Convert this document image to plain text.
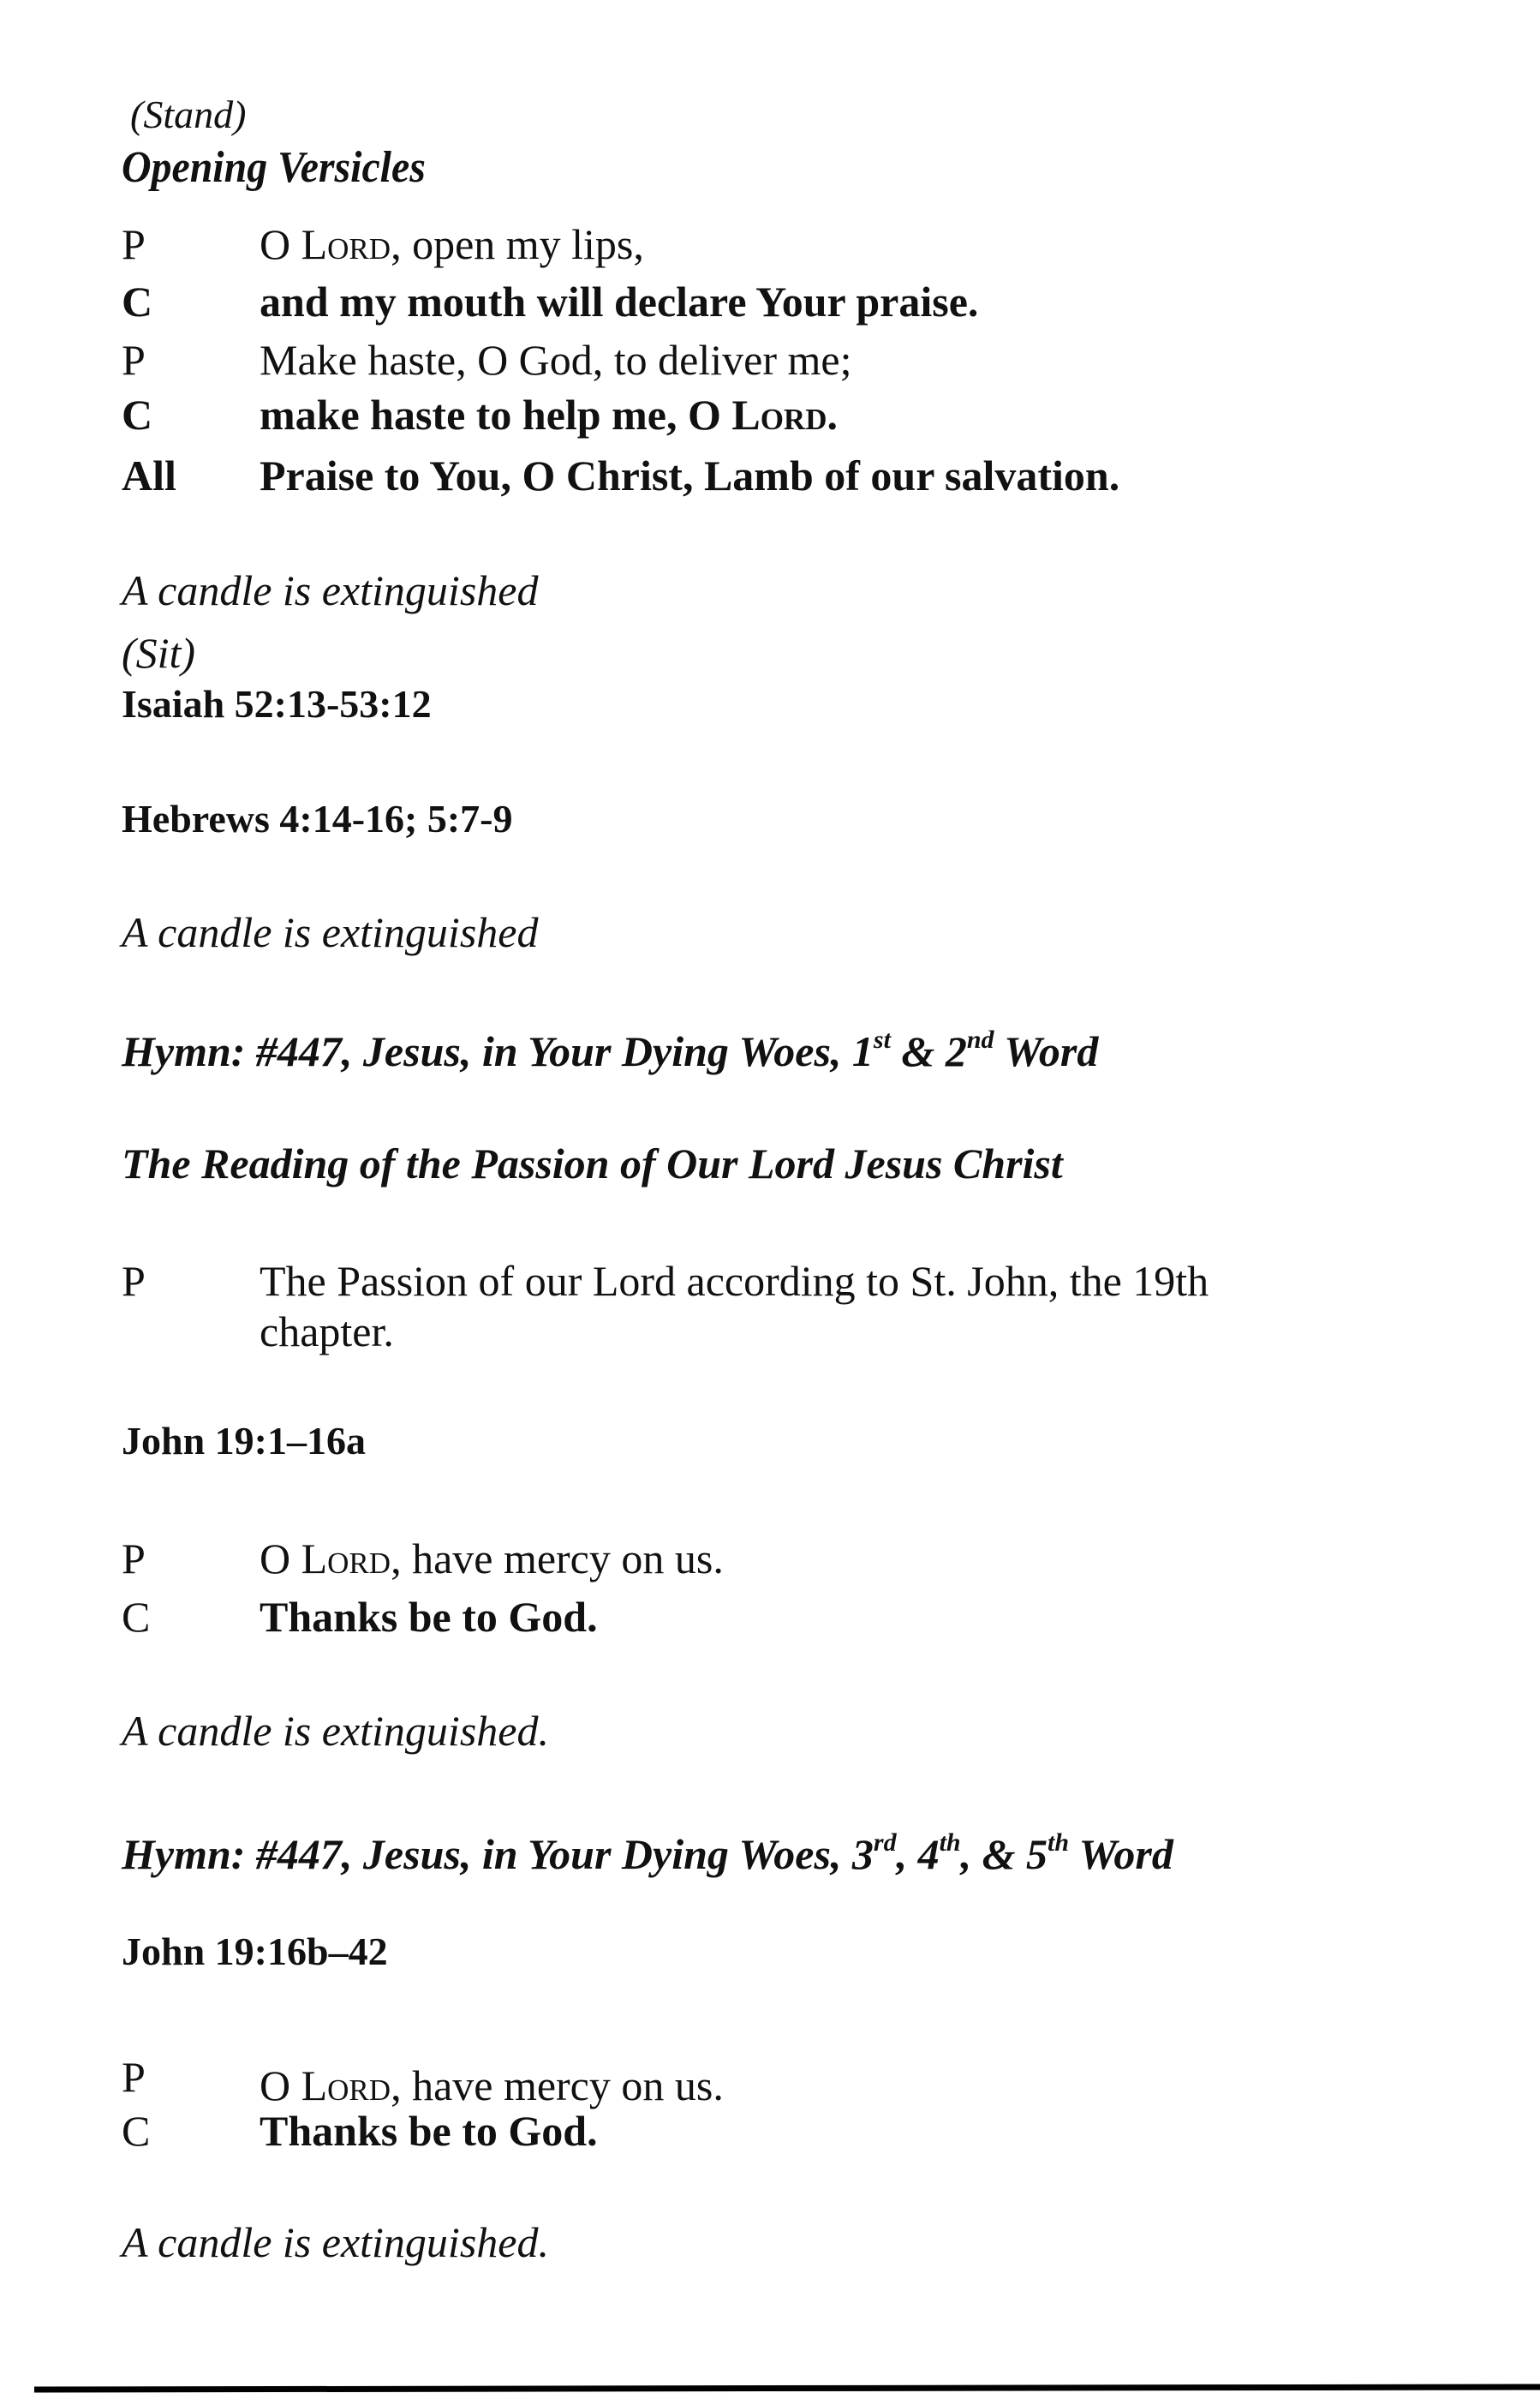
(Stand)
Opening Versicles
P	O Lord, open my lips,
C and my mouth will declare Your praise.
P	Make haste, O God, to deliver me;
C make haste to help me, O Lord.
All Praise to You, O Christ, Lamb of our salvation.
A candle is extinguished
(Sit)
Isaiah 52:13-53:12
Hebrews 4:14-16; 5:7-9
A candle is extinguished
Hymn: #447, Jesus, in Your Dying Woes, 1st & 2nd Word
The Reading of the Passion of Our Lord Jesus Christ
P	The Passion of our Lord according to St. John, the 19th
chapter.
John 19:1–16a
P	O Lord, have mercy on us.
C	Thanks be to God.
A candle is extinguished.
Hymn: #447, Jesus, in Your Dying Woes, 3rd, 4th, & 5th Word
John 19:16b–42
P	O Lord, have mercy on us.
C	Thanks be to God.
A candle is extinguished.
